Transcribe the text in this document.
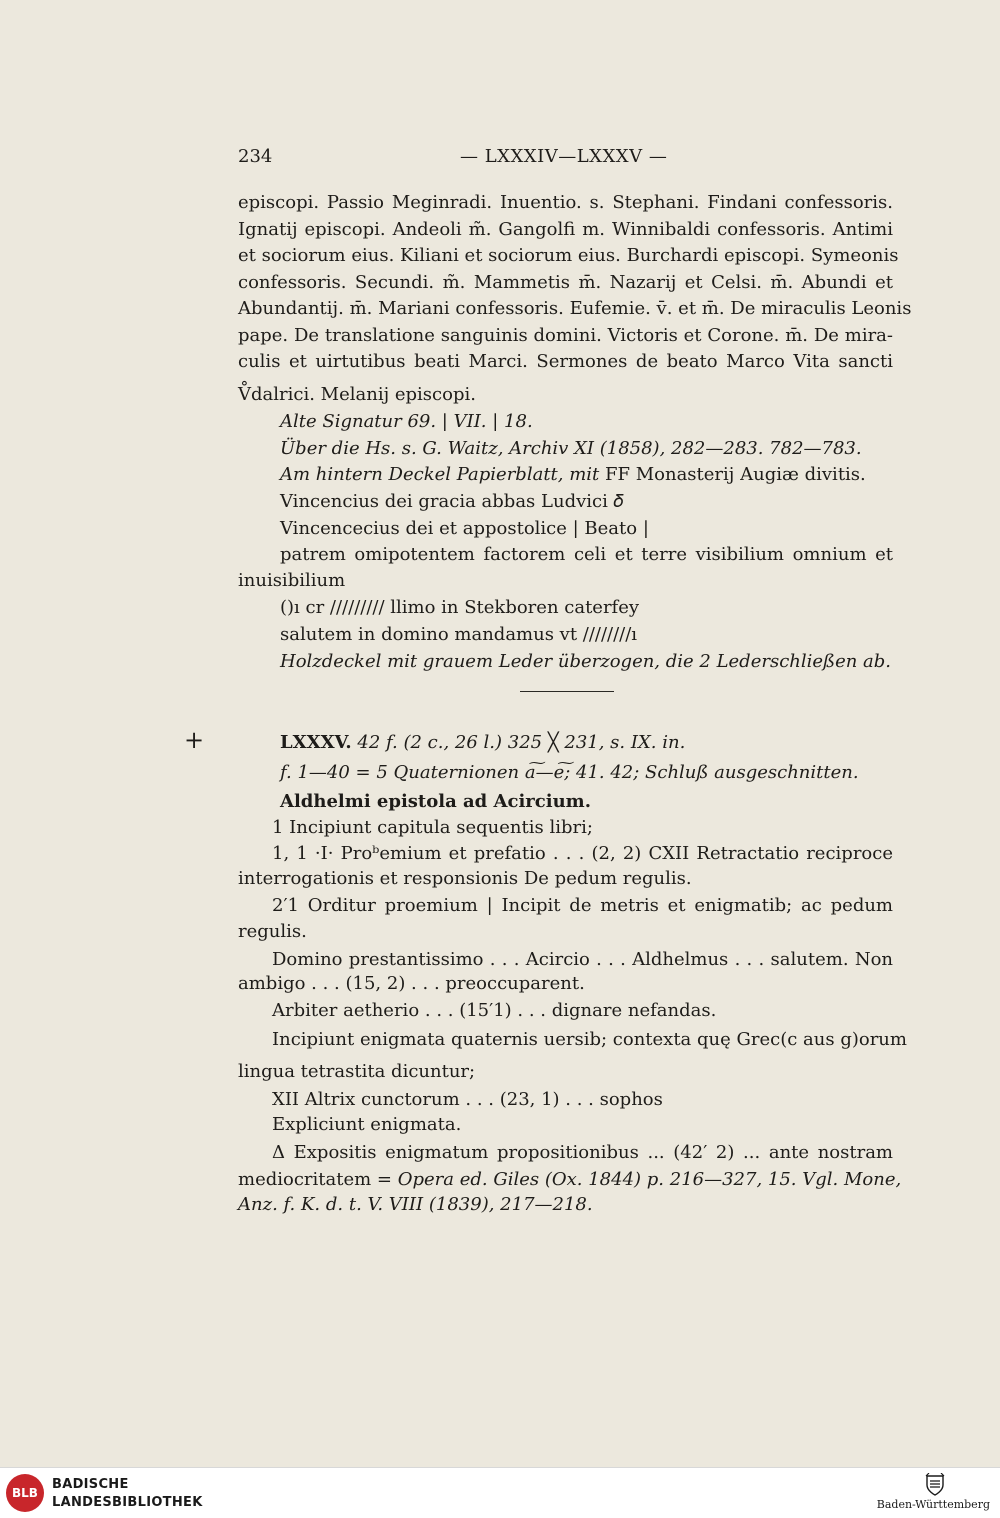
234	— LXXXIV—LXXXV —
episcopi. Passio Meginradi. Inuentio. s. Stephani. Findani confessoris.
Ignatij episcopi. Andeoli m̃. Gangolfi m. Winnibaldi confessoris. Antimi
et sociorum eius. Kiliani et sociorum eius. Burchardi episcopi. Symeonis
confessoris. Secundi. m̃. Mammetis m̄. Nazarij et Celsi. m̄. Abundi et
Abundantij. m̄. Mariani confessoris. Eufemie. v̄. et m̄. De miraculis Leonis
pape. De translatione sanguinis domini. Victoris et Corone. m̄. De mira-
culis et uirtutibus beati Marci. Sermones de beato Marco Vita sancti
V̊dalrici. Melanij episcopi.
Alte Signatur 69. | VII. | 18.
Über die Hs. s. G. Waitz, Archiv XI (1858), 282—283. 782—783.
Am hintern Deckel Papierblatt, mit FF Monasterij Augiæ divitis.
Vincencius dei gracia abbas Ludvici 𝛿
Vincencecius dei et appostolice | Beato |
patrem omipotentem factorem celi et terre visibilium omnium et
inuisibilium
()ı cr ///////// llimo in Stekboren caterfey
salutem in domino mandamus vt ////////ı
Holzdeckel mit grauem Leder überzogen, die 2 Lederschließen ab.
+	LXXXV. 42 f. (2 c., 26 l.) 325 ╳ 231, s. IX. in.
f. 1—40 = 5 Quaternionen a͠—e͠; 41. 42; Schluß ausgeschnitten.
Aldhelmi epistola ad Acircium.
1 Incipiunt capitula sequentis libri;
1, 1 ·I· Proᵇemium et prefatio . . . (2, 2) CXII Retractatio reciproce
interrogationis et responsionis De pedum regulis.
2′1 Orditur proemium | Incipit de metris et enigmatib; ac pedum
regulis.
Domino prestantissimo . . . Acircio . . . Aldhelmus . . . salutem. Non
ambigo . . . (15, 2) . . . preoccuparent.
Arbiter aetherio . . . (15′1) . . . dignare nefandas.
Incipiunt enigmata quaternis uersib; contexta quę Grec(c aus g)orum
lingua tetrastita dicuntur;
XII Altrix cunctorum . . . (23, 1) . . . sophos
Expliciunt enigmata.
Δ Expositis enigmatum propositionibus ... (42′ 2) ... ante nostram
mediocritatem = Opera ed. Giles (Ox. 1844) p. 216—327, 15. Vgl. Mone,
Anz. f. K. d. t. V. VIII (1839), 217—218.
BLB
BADISCHE
LANDESBIBLIOTHEK	Baden-Württemberg
